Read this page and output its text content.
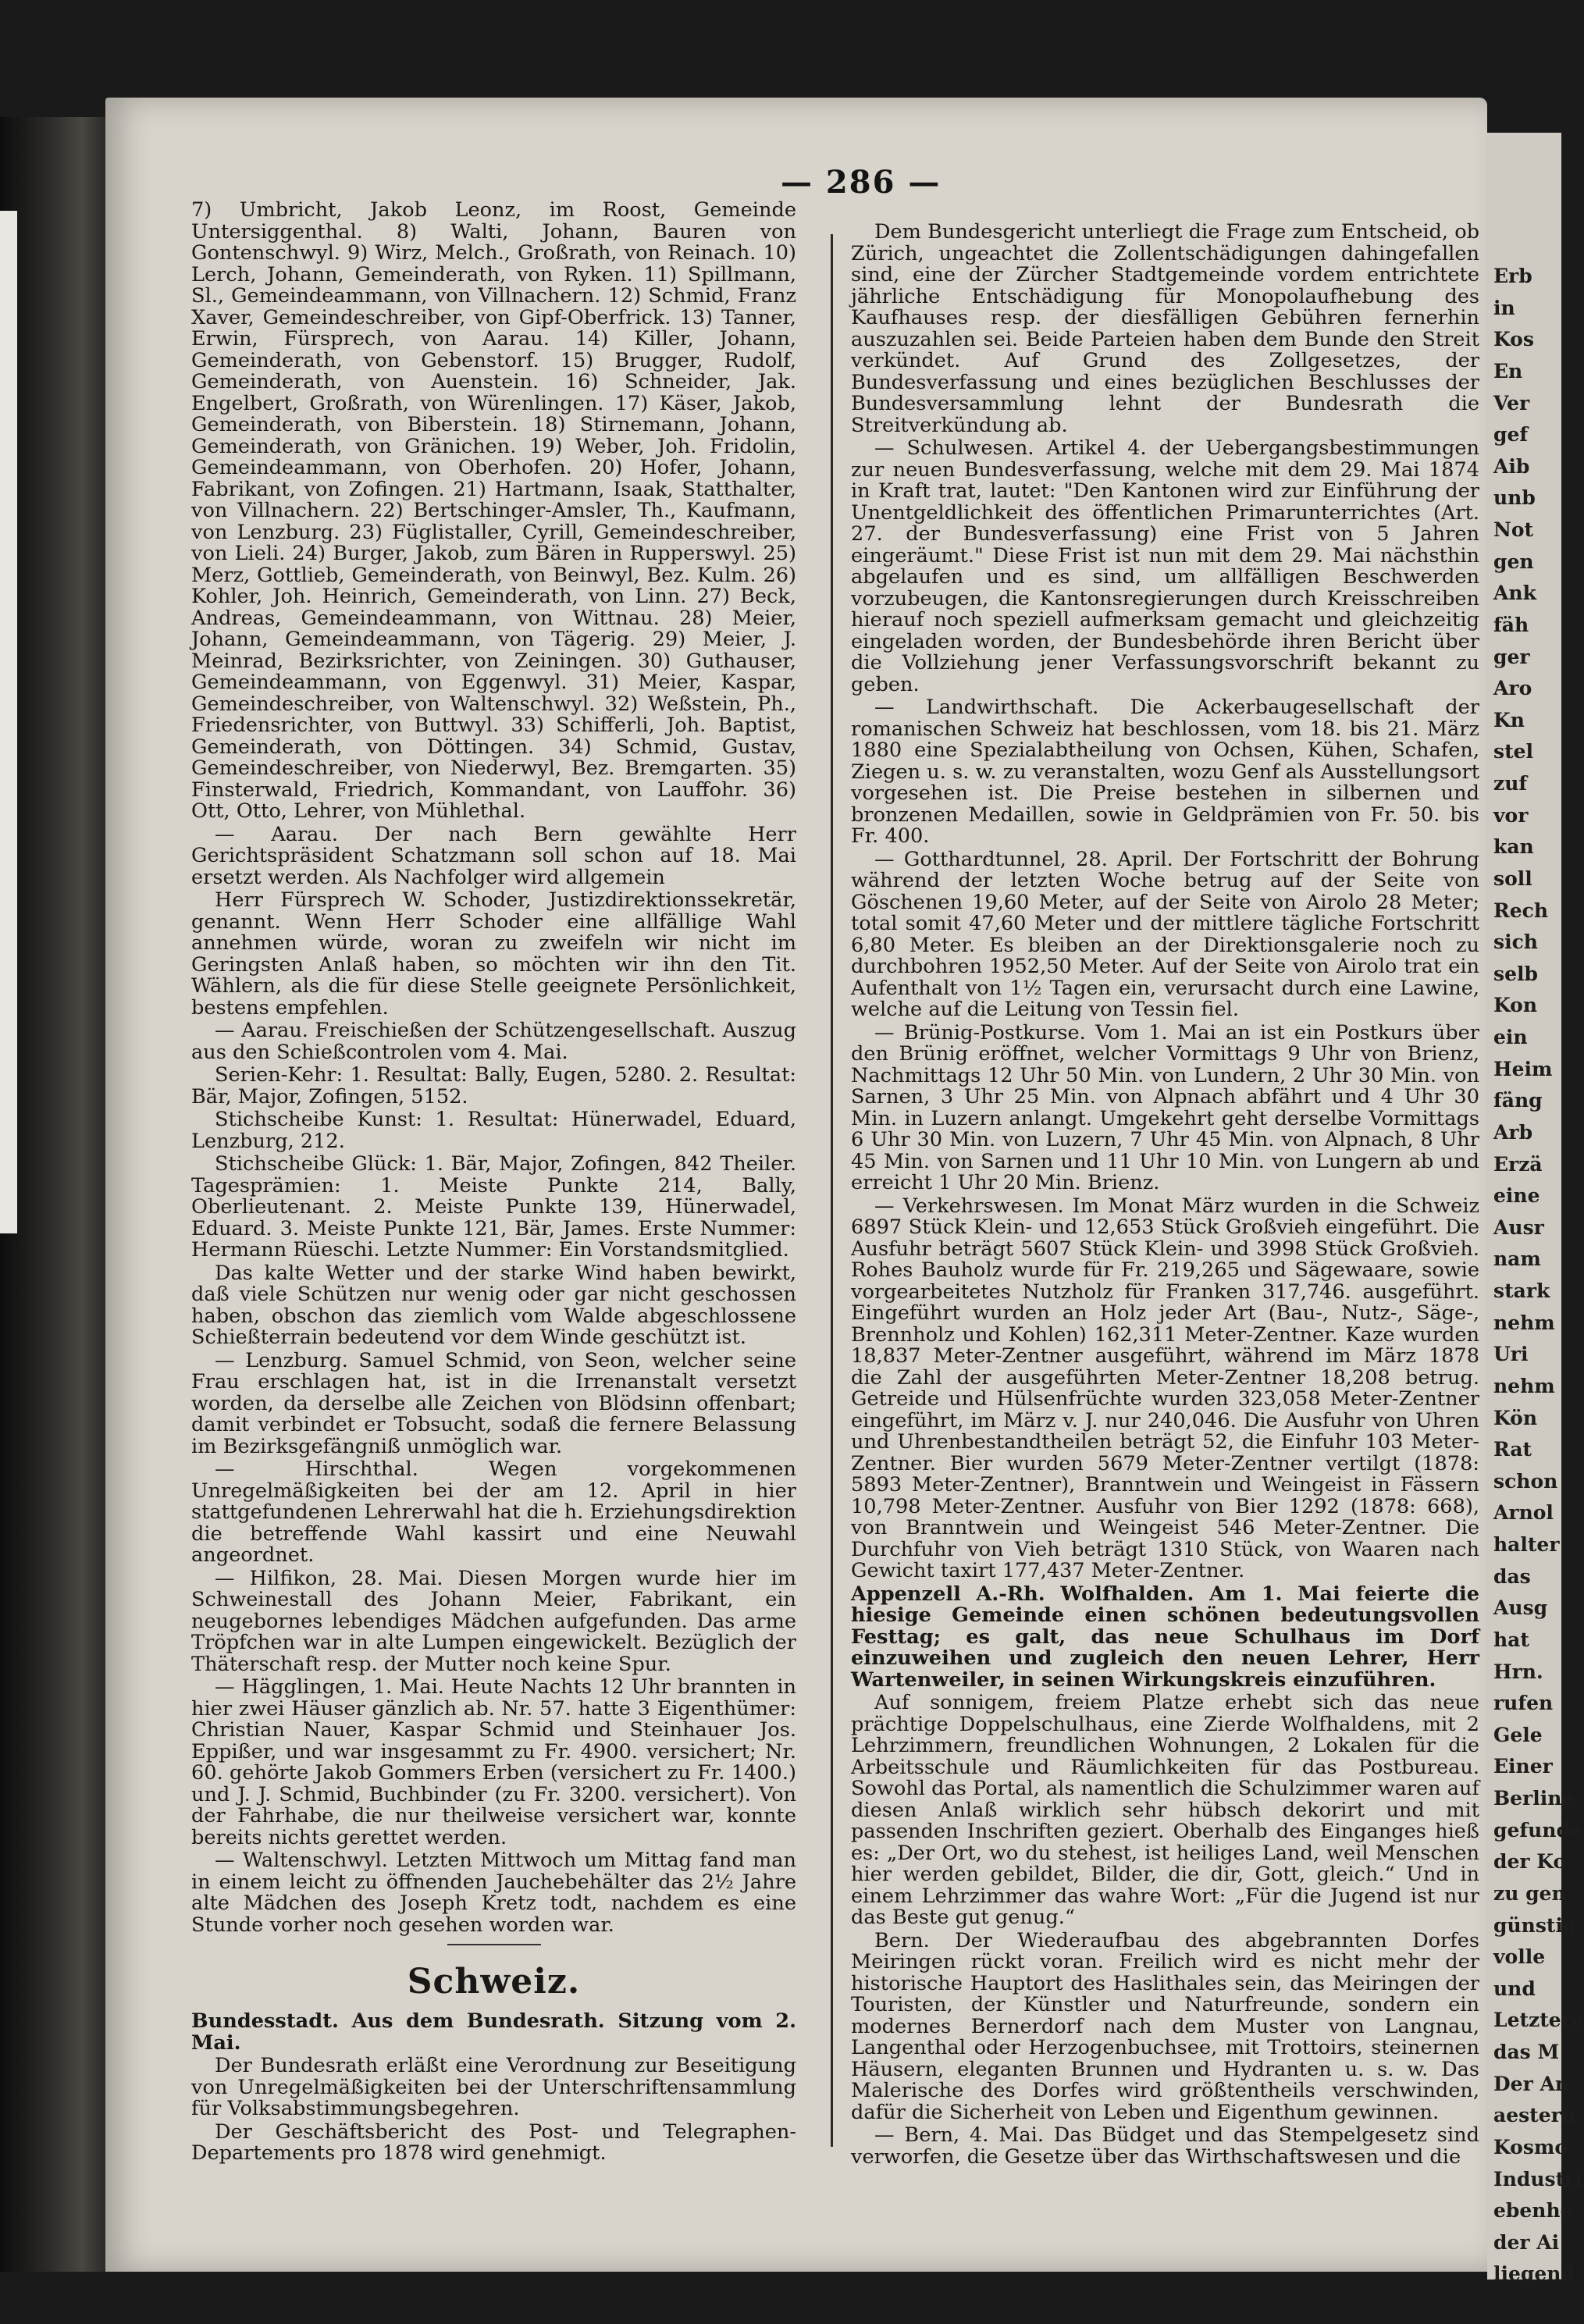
— 286 —

7) Umbricht, Jakob Leonz, im Roost, Gemeinde Untersiggenthal. 8) Walti, Johann, Bauren von Gontenschwyl. 9) Wirz, Melch., Großrath, von Reinach. 10) Lerch, Johann, Gemeinderath, von Ryken. 11) Spillmann, Sl., Gemeindeammann, von Villnachern. 12) Schmid, Franz Xaver, Gemeindeschreiber, von Gipf-Oberfrick. 13) Tanner, Erwin, Fürsprech, von Aarau. 14) Killer, Johann, Gemeinderath, von Gebenstorf. 15) Brugger, Rudolf, Gemeinderath, von Auenstein. 16) Schneider, Jak. Engelbert, Großrath, von Würenlingen. 17) Käser, Jakob, Gemeinderath, von Biberstein. 18) Stirnemann, Johann, Gemeinderath, von Gränichen. 19) Weber, Joh. Fridolin, Gemeindeammann, von Oberhofen. 20) Hofer, Johann, Fabrikant, von Zofingen. 21) Hartmann, Isaak, Statthalter, von Villnachern. 22) Bertschinger-Amsler, Th., Kaufmann, von Lenzburg. 23) Füglistaller, Cyrill, Gemeindeschreiber, von Lieli. 24) Burger, Jakob, zum Bären in Rupperswyl. 25) Merz, Gottlieb, Gemeinderath, von Beinwyl, Bez. Kulm. 26) Kohler, Joh. Heinrich, Gemeinderath, von Linn. 27) Beck, Andreas, Gemeindeammann, von Wittnau. 28) Meier, Johann, Gemeindeammann, von Tägerig. 29) Meier, J. Meinrad, Bezirksrichter, von Zeiningen. 30) Guthauser, Gemeindeammann, von Eggenwyl. 31) Meier, Kaspar, Gemeindeschreiber, von Waltenschwyl. 32) Weßstein, Ph., Friedensrichter, von Buttwyl. 33) Schifferli, Joh. Baptist, Gemeinderath, von Döttingen. 34) Schmid, Gustav, Gemeindeschreiber, von Niederwyl, Bez. Bremgarten. 35) Finsterwald, Friedrich, Kommandant, von Lauffohr. 36) Ott, Otto, Lehrer, von Mühlethal.

— Aarau. Der nach Bern gewählte Herr Gerichtspräsident Schatzmann soll schon auf 18. Mai ersetzt werden. Als Nachfolger wird allgemein

Herr Fürsprech W. Schoder, Justizdirektionssekretär, genannt. Wenn Herr Schoder eine allfällige Wahl annehmen würde, woran zu zweifeln wir nicht im Geringsten Anlaß haben, so möchten wir ihn den Tit. Wählern, als die für diese Stelle geeignete Persönlichkeit, bestens empfehlen.

— Aarau. Freischießen der Schützengesellschaft. Auszug aus den Schießcontrolen vom 4. Mai.

Serien-Kehr: 1. Resultat: Bally, Eugen, 5280. 2. Resultat: Bär, Major, Zofingen, 5152.

Stichscheibe Kunst: 1. Resultat: Hünerwadel, Eduard, Lenzburg, 212.

Stichscheibe Glück: 1. Bär, Major, Zofingen, 842 Theiler. Tagesprämien: 1. Meiste Punkte 214, Bally, Oberlieutenant. 2. Meiste Punkte 139, Hünerwadel, Eduard. 3. Meiste Punkte 121, Bär, James. Erste Nummer: Hermann Rüeschi. Letzte Nummer: Ein Vorstandsmitglied.

Das kalte Wetter und der starke Wind haben bewirkt, daß viele Schützen nur wenig oder gar nicht geschossen haben, obschon das ziemlich vom Walde abgeschlossene Schießterrain bedeutend vor dem Winde geschützt ist.

— Lenzburg. Samuel Schmid, von Seon, welcher seine Frau erschlagen hat, ist in die Irrenanstalt versetzt worden, da derselbe alle Zeichen von Blödsinn offenbart; damit verbindet er Tobsucht, sodaß die fernere Belassung im Bezirksgefängniß unmöglich war.

— Hirschthal. Wegen vorgekommenen Unregelmäßigkeiten bei der am 12. April in hier stattgefundenen Lehrerwahl hat die h. Erziehungsdirektion die betreffende Wahl kassirt und eine Neuwahl angeordnet.

— Hilfikon, 28. Mai. Diesen Morgen wurde hier im Schweinestall des Johann Meier, Fabrikant, ein neugebornes lebendiges Mädchen aufgefunden. Das arme Tröpfchen war in alte Lumpen eingewickelt. Bezüglich der Thäterschaft resp. der Mutter noch keine Spur.

— Hägglingen, 1. Mai. Heute Nachts 12 Uhr brannten in hier zwei Häuser gänzlich ab. Nr. 57. hatte 3 Eigenthümer: Christian Nauer, Kaspar Schmid und Steinhauer Jos. Eppißer, und war insgesammt zu Fr. 4900. versichert; Nr. 60. gehörte Jakob Gommers Erben (versichert zu Fr. 1400.) und J. J. Schmid, Buchbinder (zu Fr. 3200. versichert). Von der Fahrhabe, die nur theilweise versichert war, konnte bereits nichts gerettet werden.

— Waltenschwyl. Letzten Mittwoch um Mittag fand man in einem leicht zu öffnenden Jauchebehälter das 2½ Jahre alte Mädchen des Joseph Kretz todt, nachdem es eine Stunde vorher noch gesehen worden war.

Schweiz.

Bundesstadt. Aus dem Bundesrath. Sitzung vom 2. Mai.

Der Bundesrath erläßt eine Verordnung zur Beseitigung von Unregelmäßigkeiten bei der Unterschriftensammlung für Volksabstimmungsbegehren.

Der Geschäftsbericht des Post- und Telegraphen-Departements pro 1878 wird genehmigt.

Dem Bundesgericht unterliegt die Frage zum Entscheid, ob Zürich, ungeachtet die Zollentschädigungen dahingefallen sind, eine der Zürcher Stadtgemeinde vordem entrichtete jährliche Entschädigung für Monopolaufhebung des Kaufhauses resp. der diesfälligen Gebühren fernerhin auszuzahlen sei. Beide Parteien haben dem Bunde den Streit verkündet. Auf Grund des Zollgesetzes, der Bundesverfassung und eines bezüglichen Beschlusses der Bundesversammlung lehnt der Bundesrath die Streitverkündung ab.

— Schulwesen. Artikel 4. der Uebergangsbestimmungen zur neuen Bundesverfassung, welche mit dem 29. Mai 1874 in Kraft trat, lautet: "Den Kantonen wird zur Einführung der Unentgeldlichkeit des öffentlichen Primarunterrichtes (Art. 27. der Bundesverfassung) eine Frist von 5 Jahren eingeräumt." Diese Frist ist nun mit dem 29. Mai nächsthin abgelaufen und es sind, um allfälligen Beschwerden vorzubeugen, die Kantonsregierungen durch Kreisschreiben hierauf noch speziell aufmerksam gemacht und gleichzeitig eingeladen worden, der Bundesbehörde ihren Bericht über die Vollziehung jener Verfassungsvorschrift bekannt zu geben.

— Landwirthschaft. Die Ackerbaugesellschaft der romanischen Schweiz hat beschlossen, vom 18. bis 21. März 1880 eine Spezialabtheilung von Ochsen, Kühen, Schafen, Ziegen u. s. w. zu veranstalten, wozu Genf als Ausstellungsort vorgesehen ist. Die Preise bestehen in silbernen und bronzenen Medaillen, sowie in Geldprämien von Fr. 50. bis Fr. 400.

— Gotthardtunnel, 28. April. Der Fortschritt der Bohrung während der letzten Woche betrug auf der Seite von Göschenen 19,60 Meter, auf der Seite von Airolo 28 Meter; total somit 47,60 Meter und der mittlere tägliche Fortschritt 6,80 Meter. Es bleiben an der Direktionsgalerie noch zu durchbohren 1952,50 Meter. Auf der Seite von Airolo trat ein Aufenthalt von 1½ Tagen ein, verursacht durch eine Lawine, welche auf die Leitung von Tessin fiel.

— Brünig-Postkurse. Vom 1. Mai an ist ein Postkurs über den Brünig eröffnet, welcher Vormittags 9 Uhr von Brienz, Nachmittags 12 Uhr 50 Min. von Lundern, 2 Uhr 30 Min. von Sarnen, 3 Uhr 25 Min. von Alpnach abfährt und 4 Uhr 30 Min. in Luzern anlangt. Umgekehrt geht derselbe Vormittags 6 Uhr 30 Min. von Luzern, 7 Uhr 45 Min. von Alpnach, 8 Uhr 45 Min. von Sarnen und 11 Uhr 10 Min. von Lungern ab und erreicht 1 Uhr 20 Min. Brienz.

— Verkehrswesen. Im Monat März wurden in die Schweiz 6897 Stück Klein- und 12,653 Stück Großvieh eingeführt. Die Ausfuhr beträgt 5607 Stück Klein- und 3998 Stück Großvieh. Rohes Bauholz wurde für Fr. 219,265 und Sägewaare, sowie vorgearbeitetes Nutzholz für Franken 317,746. ausgeführt. Eingeführt wurden an Holz jeder Art (Bau-, Nutz-, Säge-, Brennholz und Kohlen) 162,311 Meter-Zentner. Kaze wurden 18,837 Meter-Zentner ausgeführt, während im März 1878 die Zahl der ausgeführten Meter-Zentner 18,208 betrug. Getreide und Hülsenfrüchte wurden 323,058 Meter-Zentner eingeführt, im März v. J. nur 240,046. Die Ausfuhr von Uhren und Uhrenbestandtheilen beträgt 52, die Einfuhr 103 Meter-Zentner. Bier wurden 5679 Meter-Zentner vertilgt (1878: 5893 Meter-Zentner), Branntwein und Weingeist in Fässern 10,798 Meter-Zentner. Ausfuhr von Bier 1292 (1878: 668), von Branntwein und Weingeist 546 Meter-Zentner. Die Durchfuhr von Vieh beträgt 1310 Stück, von Waaren nach Gewicht taxirt 177,437 Meter-Zentner.

Appenzell A.-Rh. Wolfhalden. Am 1. Mai feierte die hiesige Gemeinde einen schönen bedeutungsvollen Festtag; es galt, das neue Schulhaus im Dorf einzuweihen und zugleich den neuen Lehrer, Herr Wartenweiler, in seinen Wirkungskreis einzuführen.

Auf sonnigem, freiem Platze erhebt sich das neue prächtige Doppelschulhaus, eine Zierde Wolfhaldens, mit 2 Lehrzimmern, freundlichen Wohnungen, 2 Lokalen für die Arbeitsschule und Räumlichkeiten für das Postbureau. Sowohl das Portal, als namentlich die Schulzimmer waren auf diesen Anlaß wirklich sehr hübsch dekorirt und mit passenden Inschriften geziert. Oberhalb des Einganges hieß es: „Der Ort, wo du stehest, ist heiliges Land, weil Menschen hier werden gebildet, Bilder, die dir, Gott, gleich.“ Und in einem Lehrzimmer das wahre Wort: „Für die Jugend ist nur das Beste gut genug.“

Bern. Der Wiederaufbau des abgebrannten Dorfes Meiringen rückt voran. Freilich wird es nicht mehr der historische Hauptort des Haslithales sein, das Meiringen der Touristen, der Künstler und Naturfreunde, sondern ein modernes Bernerdorf nach dem Muster von Langnau, Langenthal oder Herzogenbuchsee, mit Trottoirs, steinernen Häusern, eleganten Brunnen und Hydranten u. s. w. Das Malerische des Dorfes wird größtentheils verschwinden, dafür die Sicherheit von Leben und Eigenthum gewinnen.

— Bern, 4. Mai. Das Büdget und das Stempelgesetz sind verworfen, die Gesetze über das Wirthschaftswesen und die

Erb
in
Kos
En
Ver
gef
Aib
unb
Not
gen
Ank
fäh
ger
Aro
Kn
stel
zuf
vor
kan
soll
Rech
sich
selb
Kon
ein
Heim
fäng
Arb
Erzä
eine
Ausr
nam
stark
nehm
Uri
nehm
Kön
Rat
schon
Arnol
halter
das
Ausg
hat
Hrn.
rufen
Gele
Einer
Berline
gefunde
der Ko
zu gen
günstig
volle
und
Letztere
das M
Der An
aestern
Kosmo
Industri
ebenhe
der Ai
liegend
